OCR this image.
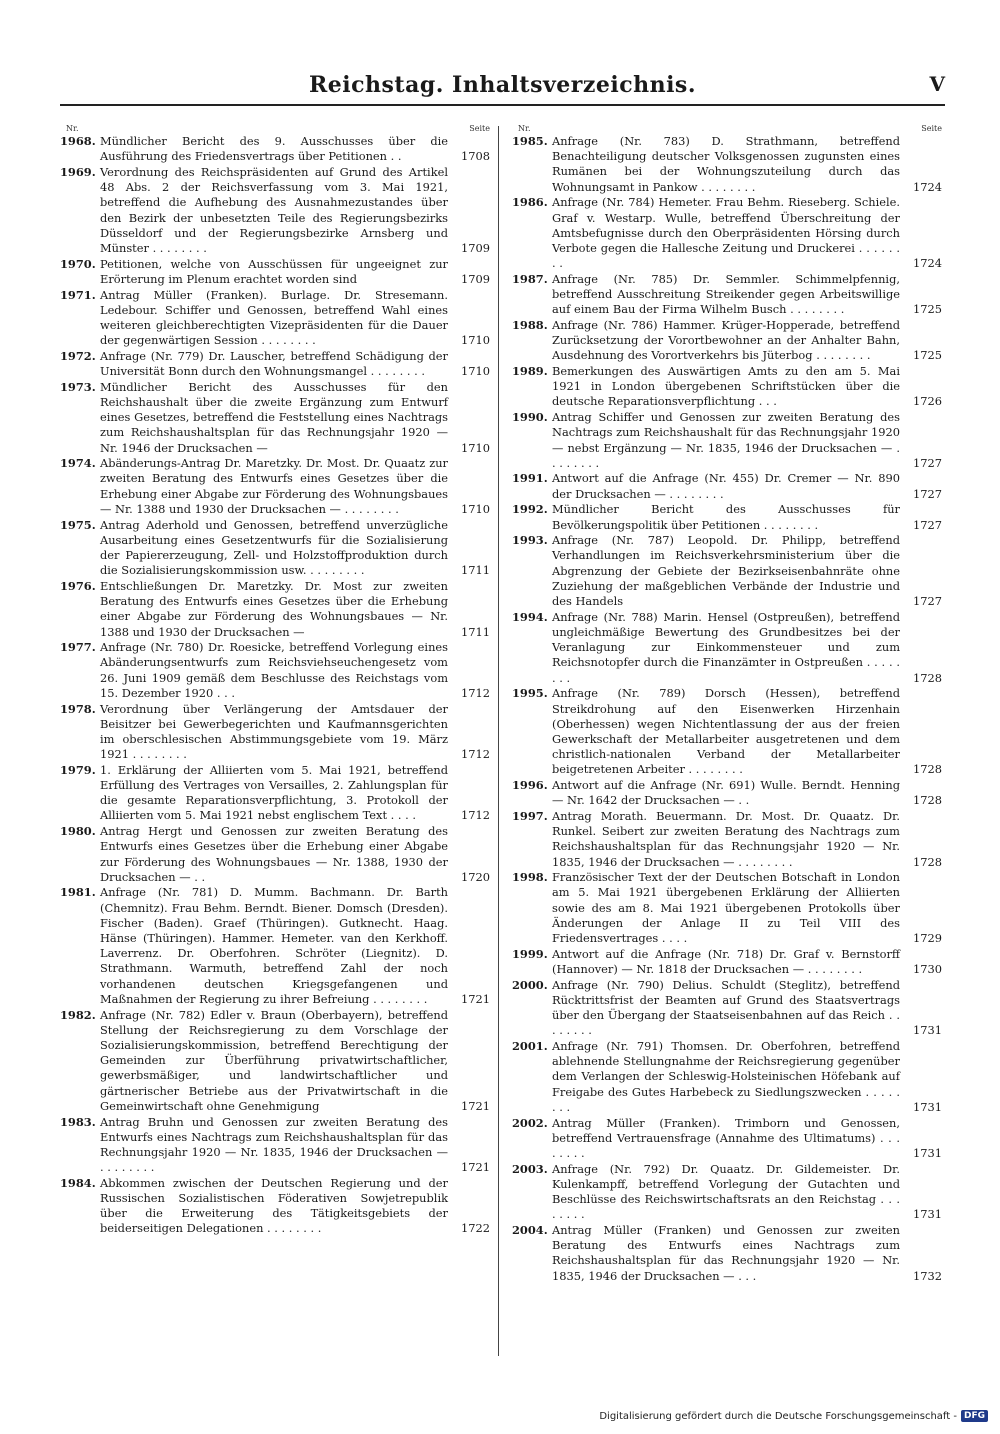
Reichstag. Inhaltsverzeichnis.	V
Nr.	Seite
1968. Mündlicher Bericht des 9. Ausschusses über die Ausführung des Friedensvertrags über Petitionen . .	1708
1969. Verordnung des Reichspräsidenten auf Grund des Artikel 48 Abs. 2 der Reichsverfassung vom 3. Mai 1921, betreffend die Aufhebung des Ausnahmezustandes über den Bezirk der unbesetzten Teile des Regierungsbezirks Düsseldorf und der Regierungsbezirke Arnsberg und Münster . . . . . . . .	1709
1970. Petitionen, welche von Ausschüssen für ungeeignet zur Erörterung im Plenum erachtet worden sind	1709
1971. Antrag Müller (Franken). Burlage. Dr. Stresemann. Ledebour. Schiffer und Genossen, betreffend Wahl eines weiteren gleichberechtigten Vizepräsidenten für die Dauer der gegenwärtigen Session . . . . . . . .	1710
1972. Anfrage (Nr. 779) Dr. Lauscher, betreffend Schädigung der Universität Bonn durch den Wohnungsmangel . . . . . . . .	1710
1973. Mündlicher Bericht des Ausschusses für den Reichshaushalt über die zweite Ergänzung zum Entwurf eines Gesetzes, betreffend die Feststellung eines Nachtrags zum Reichshaushaltsplan für das Rechnungsjahr 1920 — Nr. 1946 der Drucksachen —	1710
1974. Abänderungs-Antrag Dr. Maretzky. Dr. Most. Dr. Quaatz zur zweiten Beratung des Entwurfs eines Gesetzes über die Erhebung einer Abgabe zur Förderung des Wohnungsbaues — Nr. 1388 und 1930 der Drucksachen — . . . . . . . .	1710
1975. Antrag Aderhold und Genossen, betreffend unverzügliche Ausarbeitung eines Gesetzentwurfs für die Sozialisierung der Papiererzeugung, Zell- und Holzstoffproduktion durch die Sozialisierungskommission usw. . . . . . . . .	1711
1976. Entschließungen Dr. Maretzky. Dr. Most zur zweiten Beratung des Entwurfs eines Gesetzes über die Erhebung einer Abgabe zur Förderung des Wohnungsbaues — Nr. 1388 und 1930 der Drucksachen —	1711
1977. Anfrage (Nr. 780) Dr. Roesicke, betreffend Vorlegung eines Abänderungsentwurfs zum Reichsviehseuchengesetz vom 26. Juni 1909 gemäß dem Beschlusse des Reichstags vom 15. Dezember 1920 . . .	1712
1978. Verordnung über Verlängerung der Amtsdauer der Beisitzer bei Gewerbegerichten und Kaufmannsgerichten im oberschlesischen Abstimmungsgebiete vom 19. März 1921 . . . . . . . .	1712
1979. 1. Erklärung der Alliierten vom 5. Mai 1921, betreffend Erfüllung des Vertrages von Versailles, 2. Zahlungsplan für die gesamte Reparationsverpflichtung, 3. Protokoll der Alliierten vom 5. Mai 1921 nebst englischem Text . . . .	1712
1980. Antrag Hergt und Genossen zur zweiten Beratung des Entwurfs eines Gesetzes über die Erhebung einer Abgabe zur Förderung des Wohnungsbaues — Nr. 1388, 1930 der Drucksachen — . .	1720
1981. Anfrage (Nr. 781) D. Mumm. Bachmann. Dr. Barth (Chemnitz). Frau Behm. Berndt. Biener. Domsch (Dresden). Fischer (Baden). Graef (Thüringen). Gutknecht. Haag. Hänse (Thüringen). Hammer. Hemeter. van den Kerkhoff. Laverrenz. Dr. Oberfohren. Schröter (Liegnitz). D. Strathmann. Warmuth, betreffend Zahl der noch vorhandenen deutschen Kriegsgefangenen und Maßnahmen der Regierung zu ihrer Befreiung . . . . . . . .	1721
1982. Anfrage (Nr. 782) Edler v. Braun (Oberbayern), betreffend Stellung der Reichsregierung zu dem Vorschlage der Sozialisierungskommission, betreffend Berechtigung der Gemeinden zur Überführung privatwirtschaftlicher, gewerbsmäßiger, und landwirtschaftlicher und gärtnerischer Betriebe aus der Privatwirtschaft in die Gemeinwirtschaft ohne Genehmigung	1721
1983. Antrag Bruhn und Genossen zur zweiten Beratung des Entwurfs eines Nachtrags zum Reichshaushaltsplan für das Rechnungsjahr 1920 — Nr. 1835, 1946 der Drucksachen — . . . . . . . .	1721
1984. Abkommen zwischen der Deutschen Regierung und der Russischen Sozialistischen Föderativen Sowjetrepublik über die Erweiterung des Tätigkeitsgebiets der beiderseitigen Delegationen . . . . . . . .	1722
Nr.	Seite
1985. Anfrage (Nr. 783) D. Strathmann, betreffend Benachteiligung deutscher Volksgenossen zugunsten eines Rumänen bei der Wohnungszuteilung durch das Wohnungsamt in Pankow . . . . . . . .	1724
1986. Anfrage (Nr. 784) Hemeter. Frau Behm. Rieseberg. Schiele. Graf v. Westarp. Wulle, betreffend Überschreitung der Amtsbefugnisse durch den Oberpräsidenten Hörsing durch Verbote gegen die Hallesche Zeitung und Druckerei . . . . . . . .	1724
1987. Anfrage (Nr. 785) Dr. Semmler. Schimmelpfennig, betreffend Ausschreitung Streikender gegen Arbeitswillige auf einem Bau der Firma Wilhelm Busch . . . . . . . .	1725
1988. Anfrage (Nr. 786) Hammer. Krüger-Hopperade, betreffend Zurücksetzung der Vorortbewohner an der Anhalter Bahn, Ausdehnung des Vorortverkehrs bis Jüterbog . . . . . . . .	1725
1989. Bemerkungen des Auswärtigen Amts zu den am 5. Mai 1921 in London übergebenen Schriftstücken über die deutsche Reparationsverpflichtung . . .	1726
1990. Antrag Schiffer und Genossen zur zweiten Beratung des Nachtrags zum Reichshaushalt für das Rechnungsjahr 1920 — nebst Ergänzung — Nr. 1835, 1946 der Drucksachen — . . . . . . . .	1727
1991. Antwort auf die Anfrage (Nr. 455) Dr. Cremer — Nr. 890 der Drucksachen — . . . . . . . .	1727
1992. Mündlicher Bericht des Ausschusses für Bevölkerungspolitik über Petitionen . . . . . . . .	1727
1993. Anfrage (Nr. 787) Leopold. Dr. Philipp, betreffend Verhandlungen im Reichsverkehrsministerium über die Abgrenzung der Gebiete der Bezirkseisenbahnräte ohne Zuziehung der maßgeblichen Verbände der Industrie und des Handels	1727
1994. Anfrage (Nr. 788) Marin. Hensel (Ostpreußen), betreffend ungleichmäßige Bewertung des Grundbesitzes bei der Veranlagung zur Einkommensteuer und zum Reichsnotopfer durch die Finanzämter in Ostpreußen . . . . . . . .	1728
1995. Anfrage (Nr. 789) Dorsch (Hessen), betreffend Streikdrohung auf den Eisenwerken Hirzenhain (Oberhessen) wegen Nichtentlassung der aus der freien Gewerkschaft der Metallarbeiter ausgetretenen und dem christlich-nationalen Verband der Metallarbeiter beigetretenen Arbeiter . . . . . . . .	1728
1996. Antwort auf die Anfrage (Nr. 691) Wulle. Berndt. Henning — Nr. 1642 der Drucksachen — . .	1728
1997. Antrag Morath. Beuermann. Dr. Most. Dr. Quaatz. Dr. Runkel. Seibert zur zweiten Beratung des Nachtrags zum Reichshaushaltsplan für das Rechnungsjahr 1920 — Nr. 1835, 1946 der Drucksachen — . . . . . . . .	1728
1998. Französischer Text der der Deutschen Botschaft in London am 5. Mai 1921 übergebenen Erklärung der Alliierten sowie des am 8. Mai 1921 übergebenen Protokolls über Änderungen der Anlage II zu Teil VIII des Friedensvertrages . . . .	1729
1999. Antwort auf die Anfrage (Nr. 718) Dr. Graf v. Bernstorff (Hannover) — Nr. 1818 der Drucksachen — . . . . . . . .	1730
2000. Anfrage (Nr. 790) Delius. Schuldt (Steglitz), betreffend Rücktrittsfrist der Beamten auf Grund des Staatsvertrags über den Übergang der Staatseisenbahnen auf das Reich . . . . . . . .	1731
2001. Anfrage (Nr. 791) Thomsen. Dr. Oberfohren, betreffend ablehnende Stellungnahme der Reichsregierung gegenüber dem Verlangen der Schleswig-Holsteinischen Höfebank auf Freigabe des Gutes Harbebeck zu Siedlungszwecken . . . . . . . .	1731
2002. Antrag Müller (Franken). Trimborn und Genossen, betreffend Vertrauensfrage (Annahme des Ultimatums) . . . . . . . .	1731
2003. Anfrage (Nr. 792) Dr. Quaatz. Dr. Gildemeister. Dr. Kulenkampff, betreffend Vorlegung der Gutachten und Beschlüsse des Reichswirtschaftsrats an den Reichstag . . . . . . . .	1731
2004. Antrag Müller (Franken) und Genossen zur zweiten Beratung des Entwurfs eines Nachtrags zum Reichshaushaltsplan für das Rechnungsjahr 1920 — Nr. 1835, 1946 der Drucksachen — . . .	1732
Digitalisierung gefördert durch die Deutsche Forschungsgemeinschaft - DFG
